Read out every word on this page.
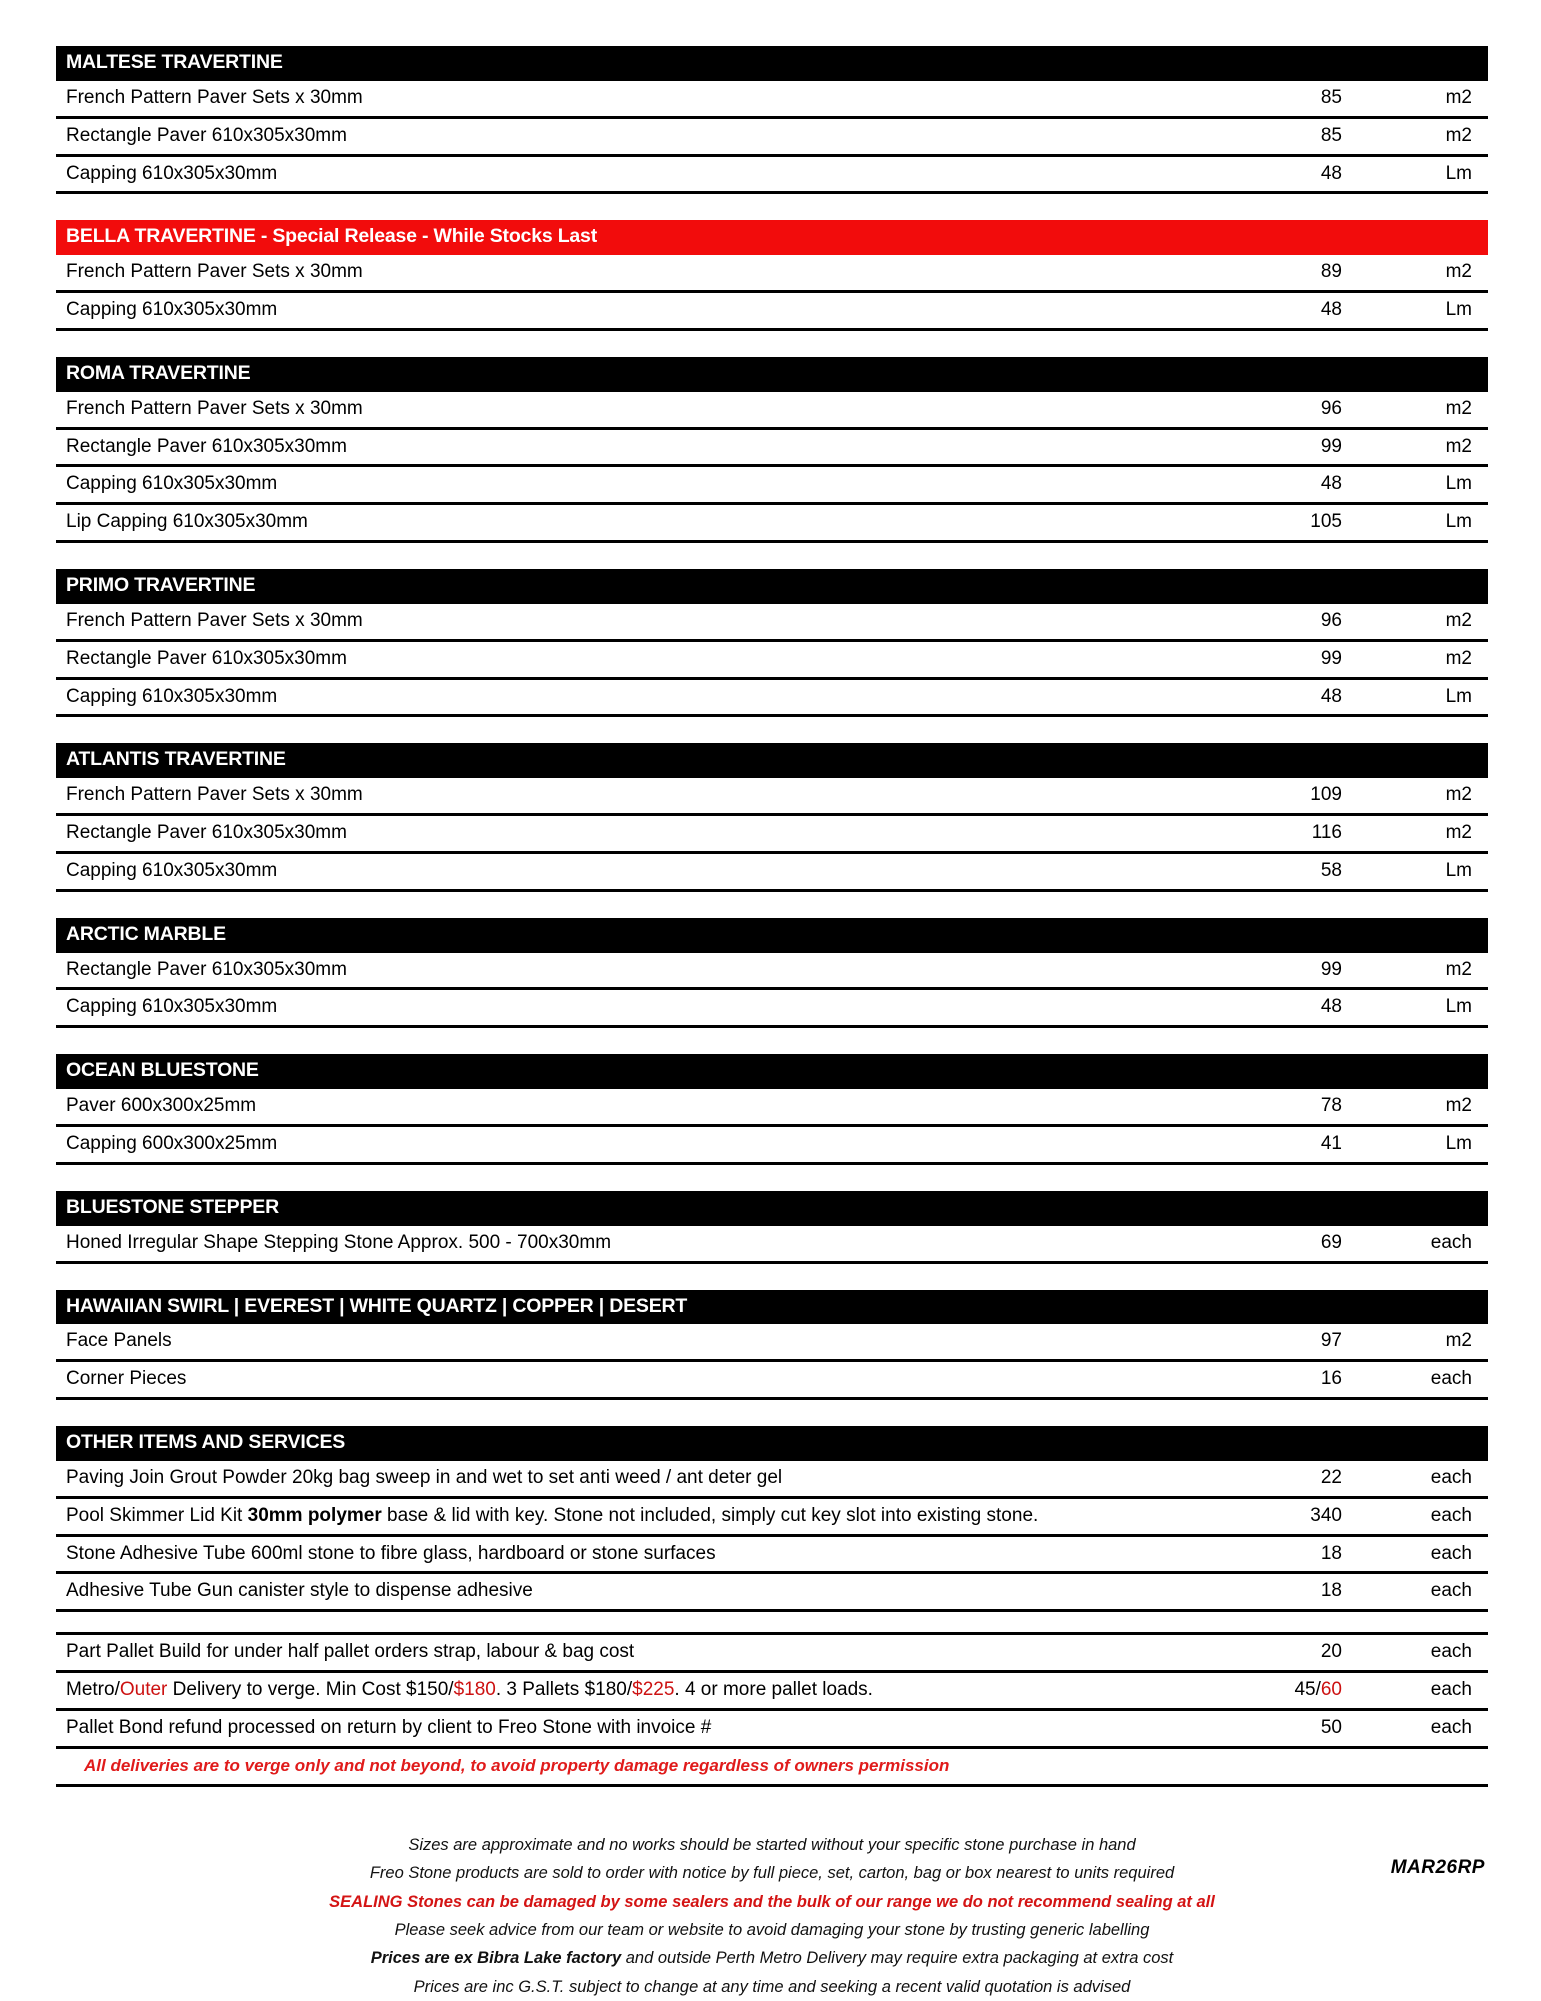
MALTESE TRAVERTINE		
French Pattern Paver Sets x 30mm	85	m2
Rectangle Paver 610x305x30mm	85	m2
Capping 610x305x30mm	48	Lm

BELLA TRAVERTINE - Special Release - While Stocks Last		
French Pattern Paver Sets x 30mm	89	m2
Capping 610x305x30mm	48	Lm

ROMA TRAVERTINE		
French Pattern Paver Sets x 30mm	96	m2
Rectangle Paver 610x305x30mm	99	m2
Capping 610x305x30mm	48	Lm
Lip Capping 610x305x30mm	105	Lm

PRIMO TRAVERTINE		
French Pattern Paver Sets x 30mm	96	m2
Rectangle Paver 610x305x30mm	99	m2
Capping 610x305x30mm	48	Lm

ATLANTIS TRAVERTINE		
French Pattern Paver Sets x 30mm	109	m2
Rectangle Paver 610x305x30mm	116	m2
Capping 610x305x30mm	58	Lm

ARCTIC MARBLE		
Rectangle Paver 610x305x30mm	99	m2
Capping 610x305x30mm	48	Lm

OCEAN BLUESTONE		
Paver 600x300x25mm	78	m2
Capping 600x300x25mm	41	Lm

BLUESTONE STEPPER		
Honed Irregular Shape Stepping Stone Approx. 500 - 700x30mm	69	each

HAWAIIAN SWIRL | EVEREST | WHITE QUARTZ | COPPER | DESERT		
Face Panels	97	m2
Corner Pieces	16	each

OTHER ITEMS AND SERVICES		
Paving Join Grout Powder 20kg bag sweep in and wet to set anti weed / ant deter gel	22	each
Pool Skimmer Lid Kit 30mm polymer base & lid with key. Stone not included, simply cut key slot into existing stone.	340	each
Stone Adhesive Tube 600ml stone to fibre glass, hardboard or stone surfaces	18	each
Adhesive Tube Gun canister style to dispense adhesive	18	each

Part Pallet Build for under half pallet orders strap, labour & bag cost	20	each
Metro/Outer Delivery to verge. Min Cost $150/$180. 3 Pallets $180/$225. 4 or more pallet loads.	45/60	each
Pallet Bond refund processed on return by client to Freo Stone with invoice #	50	each
All deliveries are to verge only and not beyond, to avoid property damage regardless of owners permission		
Sizes are approximate and no works should be started without your specific stone purchase in hand
Freo Stone products are sold to order with notice by full piece, set, carton, bag or box nearest to units required
SEALING Stones can be damaged by some sealers and the bulk of our range we do not recommend sealing at all
Please seek advice from our team or website to avoid damaging your stone by trusting generic labelling
Prices are ex Bibra Lake factory and outside Perth Metro Delivery may require extra packaging at extra cost
Prices are inc G.S.T. subject to change at any time and seeking a recent valid quotation is advised
MAR26RP
